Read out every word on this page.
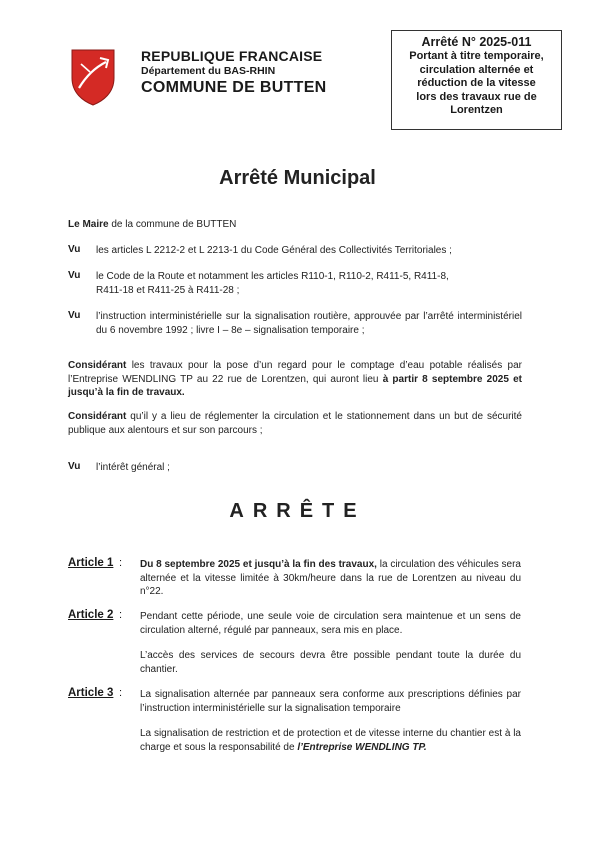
REPUBLIQUE FRANCAISE
Département du BAS-RHIN
COMMUNE DE BUTTEN
Arrêté N° 2025-011
Portant à titre temporaire,
circulation alternée et
réduction de la vitesse
lors des travaux rue de
Lorentzen
Arrêté Municipal
Le Maire de la commune de BUTTEN
Vu les articles L 2212-2 et L 2213-1 du Code Général des Collectivités Territoriales ;
Vu le Code de la Route et notamment les articles R110-1, R110-2, R411-5, R411-8,
R411-18 et R411-25 à R411-28 ;
Vu l’instruction interministérielle sur la signalisation routière, approuvée par l’arrêté interministériel du 6 novembre 1992 ; livre I – 8e – signalisation temporaire ;
Considérant les travaux pour la pose d’un regard pour le comptage d’eau potable réalisés par l’Entreprise WENDLING TP au 22 rue de Lorentzen, qui auront lieu à partir 8 septembre 2025 et jusqu’à la fin de travaux.
Considérant qu’il y a lieu de réglementer la circulation et le stationnement dans un but de sécurité publique aux alentours et sur son parcours ;
Vu l’intérêt général ;
ARRÊTE
Article 1 : Du 8 septembre 2025 et jusqu’à la fin des travaux, la circulation des véhicules sera alternée et la vitesse limitée à 30km/heure dans la rue de Lorentzen au niveau du n°22.
Article 2 : Pendant cette période, une seule voie de circulation sera maintenue et un sens de circulation alterné, régulé par panneaux, sera mis en place.
L’accès des services de secours devra être possible pendant toute la durée du chantier.
Article 3 : La signalisation alternée par panneaux sera conforme aux prescriptions définies par l’instruction interministérielle sur la signalisation temporaire
La signalisation de restriction et de protection et de vitesse interne du chantier est à la charge et sous la responsabilité de l’Entreprise WENDLING TP.
